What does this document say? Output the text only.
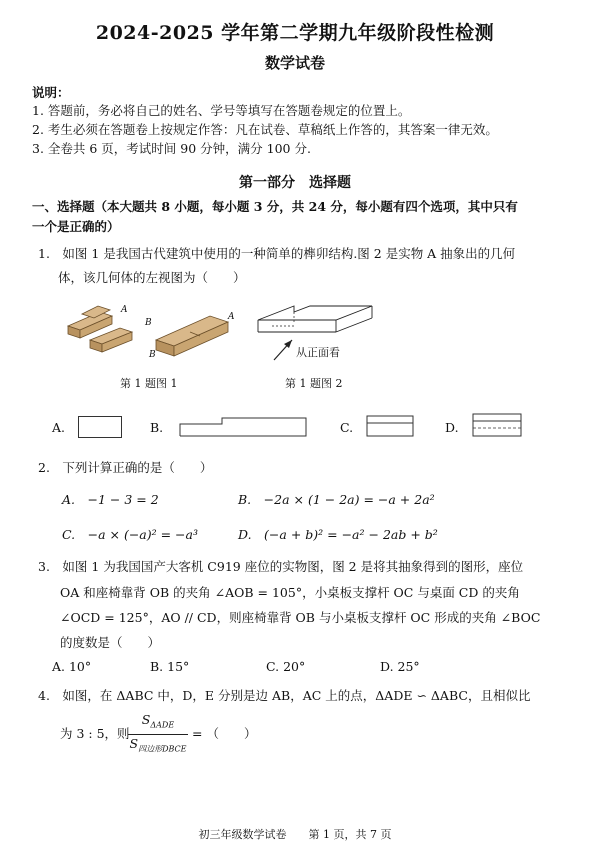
2024-2025 学年第二学期九年级阶段性检测
数学试卷
说明：
1. 答题前，务必将自己的姓名、学号等填写在答题卷规定的位置上。
2. 考生必须在答题卷上按规定作答：凡在试卷、草稿纸上作答的，其答案一律无效。
3. 全卷共 6 页，考试时间 90 分钟，满分 100 分.
第一部分　选择题
一、选择题（本大题共 8 小题，每小题 3 分，共 24 分，每小题有四个选项，其中只有
一个是正确的）
1.　如图 1 是我国古代建筑中使用的一种简单的榫卯结构.图 2 是实物 A 抽象出的几何
体，该几何体的左视图为（　　）
A
B
B
A
从正面看
第 1 题图 1	第 1 题图 2
A.	B.	C.	D.
2.　下列计算正确的是（　　）
A.　−1 − 3 = 2	B.　−2a × (1 − 2a) = −a + 2a²
C.　−a × (−a)² = −a³	D.　(−a + b)² = −a² − 2ab + b²
3.　如图 1 为我国国产大客机 C919 座位的实物图，图 2 是将其抽象得到的图形，座位
OA 和座椅靠背 OB 的夹角 ∠AOB = 105°，小桌板支撑杆 OC 与桌面 CD 的夹角
∠OCD = 125°，AO // CD，则座椅靠背 OB 与小桌板支撑杆 OC 形成的夹角 ∠BOC
的度数是（　　）
A. 10°	B. 15°	C. 20°	D. 25°
4.　如图，在 ΔABC 中，D，E 分别是边 AB，AC 上的点，ΔADE ∽ ΔABC，且相似比
为 3 : 5，则
$S_{\Delta ADE}$
$S_{四边形DBCE}$
= （　　）
初三年级数学试卷　　第 1 页，共 7 页
